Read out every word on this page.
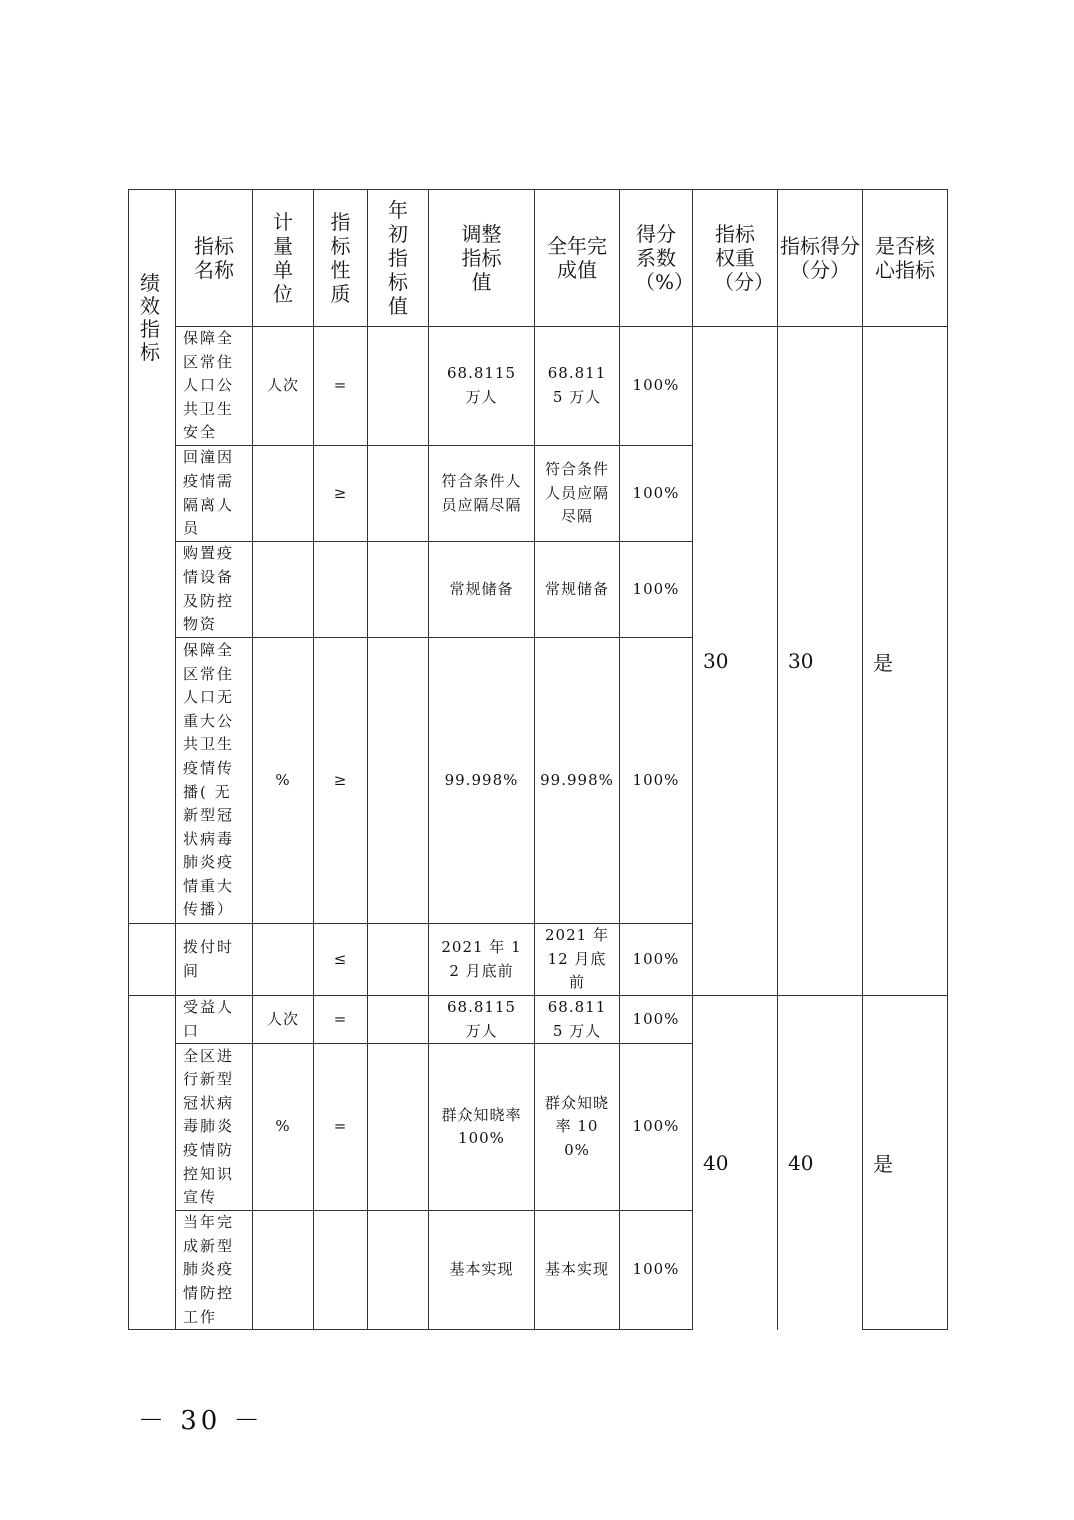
	指标名称	计量单位	指标性质	年初指标值	调整指标值	全年完成值	得分系数（%）	指标权重（分）	指标得分（分）	是否核心指标

	保障全区常住人口公共卫生安全	人次	=		68.8115 万人	68.8115 万人	100%	30	30	是

	回潼因疫情需隔离人员		≥		符合条件人员应隔尽隔	符合条件人员应隔尽隔	100%			

	购置疫情设备及防控物资				常规储备	常规储备	100%			

	保障全区常住人口无重大公共卫生疫情传播( 无新型冠状病毒肺炎疫情重大传播）	%	≥		99.998%	99.998%	100%			

	拨付时间		≤		2021 年 12 月底前	2021 年 12 月底前	100%			

	受益人口	人次	=		68.8115 万人	68.8115 万人	100%	40	40	是

	全区进行新型冠状病毒肺炎疫情防控知识宣传	%	=		群众知晓率 100%	群众知晓率 100%	100%			

	当年完成新型肺炎疫情防控工作				基本实现	基本实现	100%			
绩效指标
－ 30 －
